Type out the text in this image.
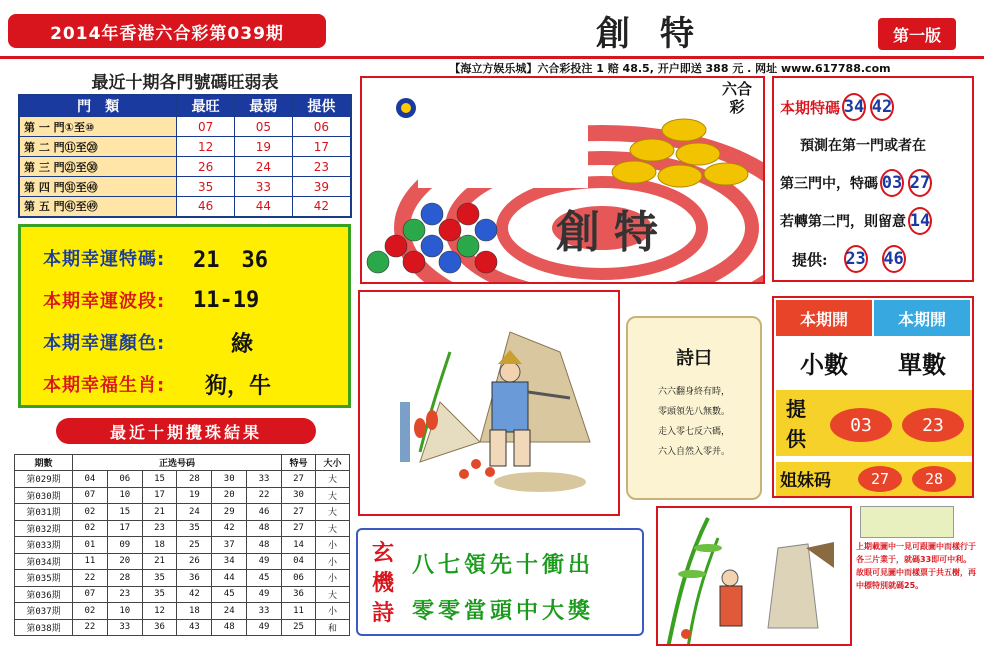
2014年香港六合彩第039期	創特	第一版
【海立方娱乐城】六合彩投注 1 赔 48.5, 开户即送 388 元 . 网址 www.617788.com
最近十期各門號碼旺弱表
門　類	最旺	最弱	提供
第 一 門①至⑩	07	05	06
第 二 門⑪至⑳	12	19	17
第 三 門㉑至㉚	26	24	23
第 四 門㉛至㊵	35	33	39
第 五 門㊶至㊾	46	44	42
本期幸運特碼:	21　36
本期幸運波段:	11-19
本期幸運顏色:	綠
本期幸福生肖:	狗，牛
最近十期攪珠結果
期數	正选号码						特号	大小
第029期	04	06	15	28	30	33	27	大
第030期	07	10	17	19	20	22	30	大
第031期	02	15	21	24	29	46	27	大
第032期	02	17	23	35	42	48	27	大
第033期	01	09	18	25	37	48	14	小
第034期	11	20	21	26	34	49	04	小
第035期	22	28	35	36	44	45	06	小
第036期	07	23	35	42	45	49	36	大
第037期	02	10	12	18	24	33	11	小
第038期	22	33	36	43	48	49	25	和
六合彩
創特
本期特碼 34 42
預測在第一門或者在
第三門中，特碼 03 27
若轉第二門，則留意 14
提供: 23 46
詩曰
六六翻身終有時，
零頭領先八無數。
走入零七反六碼，
六入自然入零并。
本期開	本期開
小數	單數
提供
03	23
姐妹码	27	28
玄機詩
八七領先十衝出
零零當頭中大獎
上期載圖中一見可跟圖中而樣行于各三片業于，就碼33即可中利。故眼可見圖中而樣票于共五樹，再中標特別就碼25。
